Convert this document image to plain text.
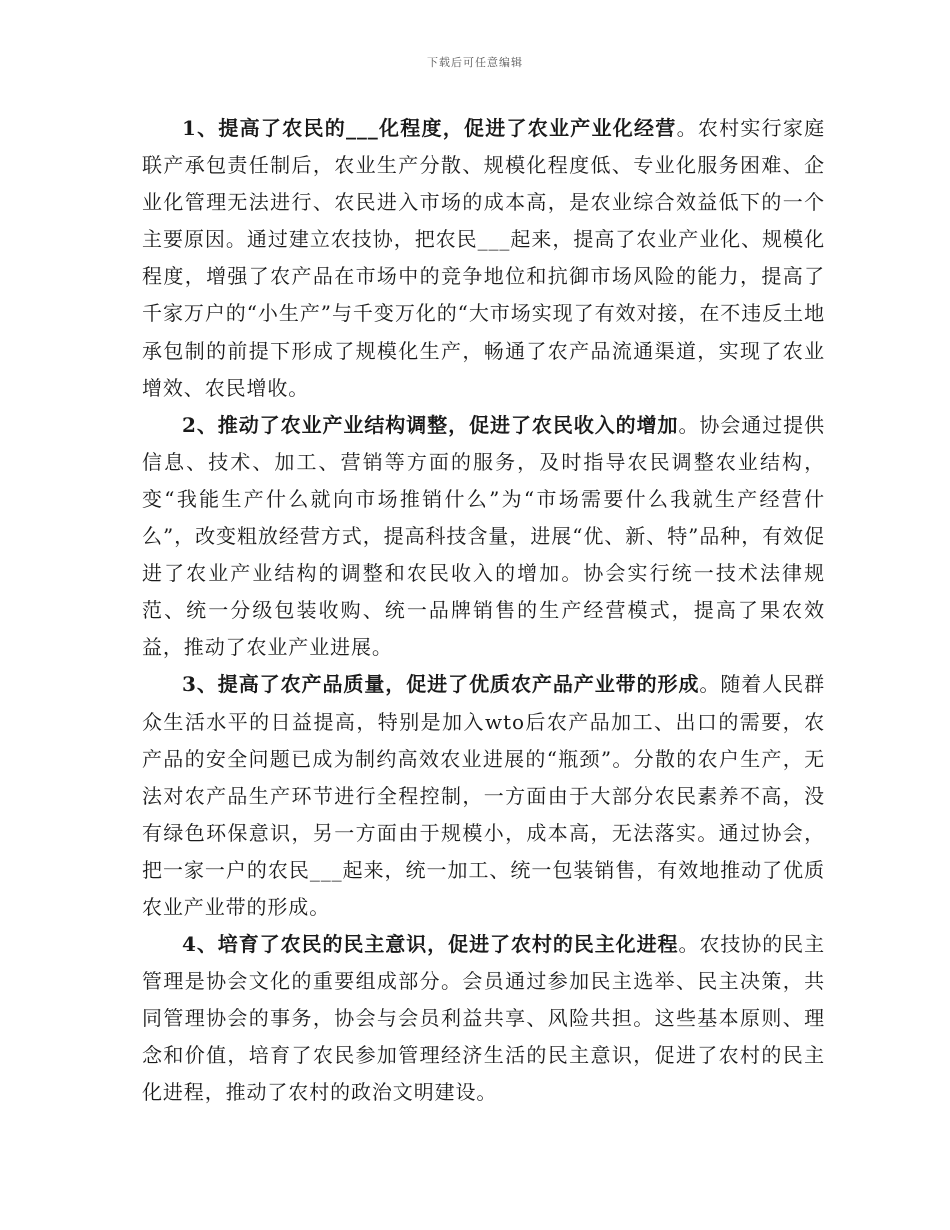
下载后可任意编辑

1、提高了农民的___化程度，促进了农业产业化经营。农村实行家庭联产承包责任制后，农业生产分散、规模化程度低、专业化服务困难、企业化管理无法进行、农民进入市场的成本高，是农业综合效益低下的一个主要原因。通过建立农技协，把农民___起来，提高了农业产业化、规模化程度，增强了农产品在市场中的竞争地位和抗御市场风险的能力，提高了千家万户的“小生产”与千变万化的“大市场实现了有效对接，在不违反土地承包制的前提下形成了规模化生产，畅通了农产品流通渠道，实现了农业增效、农民增收。

2、推动了农业产业结构调整，促进了农民收入的增加。协会通过提供信息、技术、加工、营销等方面的服务，及时指导农民调整农业结构，变“我能生产什么就向市场推销什么”为“市场需要什么我就生产经营什么”，改变粗放经营方式，提高科技含量，进展“优、新、特”品种，有效促进了农业产业结构的调整和农民收入的增加。协会实行统一技术法律规范、统一分级包装收购、统一品牌销售的生产经营模式，提高了果农效益，推动了农业产业进展。

3、提高了农产品质量，促进了优质农产品产业带的形成。随着人民群众生活水平的日益提高，特别是加入wto后农产品加工、出口的需要，农产品的安全问题已成为制约高效农业进展的“瓶颈”。分散的农户生产，无法对农产品生产环节进行全程控制，一方面由于大部分农民素养不高，没有绿色环保意识，另一方面由于规模小，成本高，无法落实。通过协会，把一家一户的农民___起来，统一加工、统一包装销售，有效地推动了优质农业产业带的形成。

4、培育了农民的民主意识，促进了农村的民主化进程。农技协的民主管理是协会文化的重要组成部分。会员通过参加民主选举、民主决策，共同管理协会的事务，协会与会员利益共享、风险共担。这些基本原则、理念和价值，培育了农民参加管理经济生活的民主意识，促进了农村的民主化进程，推动了农村的政治文明建设。
